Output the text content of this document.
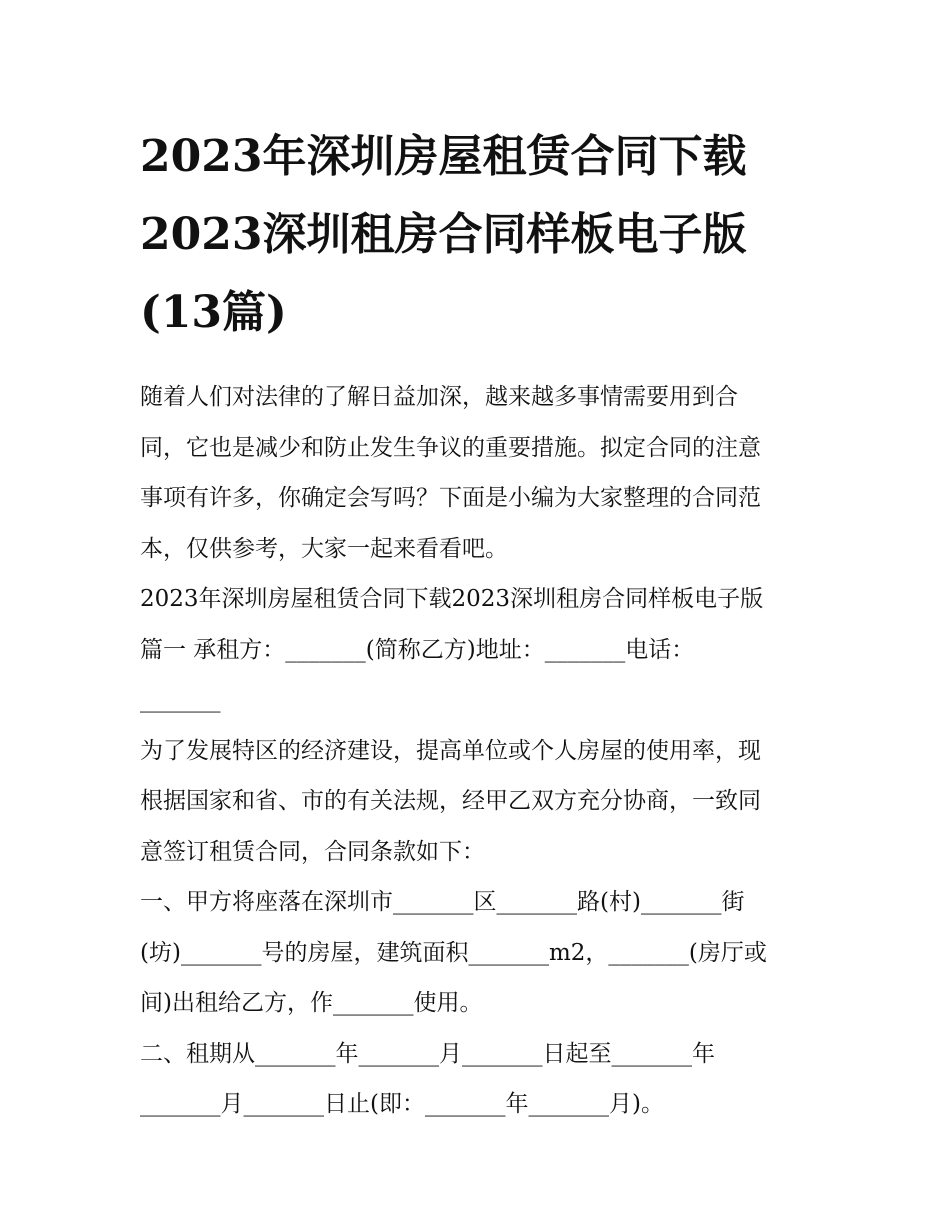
2023年深圳房屋租赁合同下载
2023深圳租房合同样板电子版
(13篇)

随着人们对法律的了解日益加深，越来越多事情需要用到合
同，它也是减少和防止发生争议的重要措施。拟定合同的注意
事项有许多，你确定会写吗？下面是小编为大家整理的合同范
本，仅供参考，大家一起来看看吧。

2023年深圳房屋租赁合同下载2023深圳租房合同样板电子版

篇一 承租方：_______(简称乙方)地址：_______电话：
_______

为了发展特区的经济建设，提高单位或个人房屋的使用率，现
根据国家和省、市的有关法规，经甲乙双方充分协商，一致同
意签订租赁合同，合同条款如下：

一、甲方将座落在深圳市_______区_______路(村)_______街
(坊)_______号的房屋，建筑面积_______m2，_______(房厅或
间)出租给乙方，作_______使用。

二、租期从_______年_______月_______日起至_______年
_______月_______日止(即：_______年_______月)。
